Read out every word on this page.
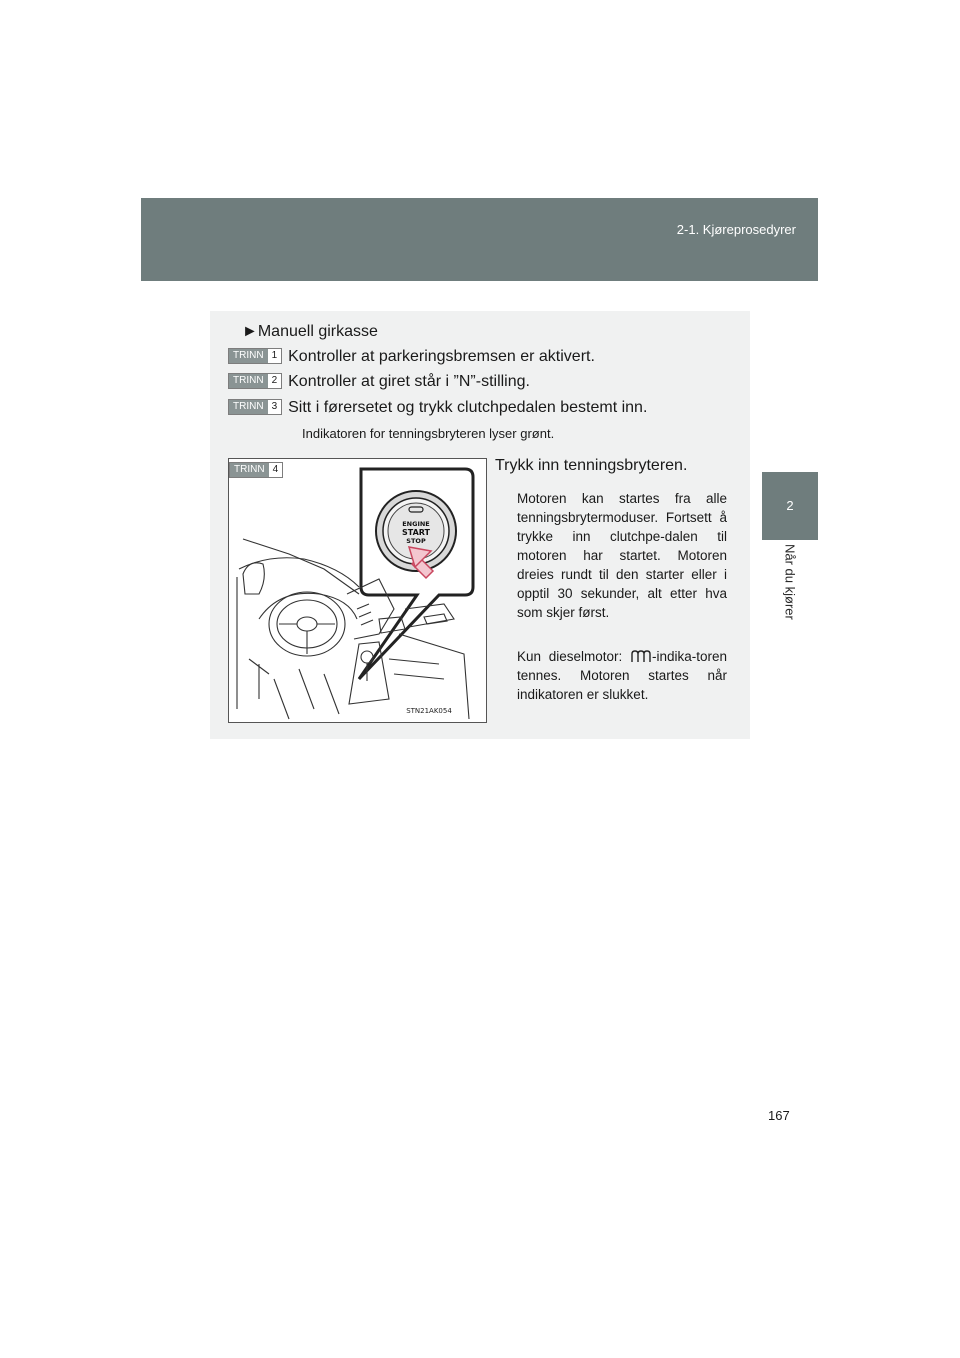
2-1. Kjøreprosedyrer
2
Når du kjører
►Manuell girkasse
TRINN 1 Kontroller at parkeringsbremsen er aktivert.
TRINN 2 Kontroller at giret står i ”N”-stilling.
TRINN 3 Sitt i førersetet og trykk clutchpedalen bestemt inn.
Indikatoren for tenningsbryteren lyser grønt.
TRINN 4
ENGINE
START
STOP
STN21AK054
Trykk inn tenningsbryteren.
Motoren kan startes fra alle tenningsbrytermoduser. Fortsett å trykke inn clutchpe-dalen til motoren har startet. Motoren dreies rundt til den starter eller i opptil 30 sekunder, alt etter hva som skjer først.
Kun dieselmotor: -indika-toren tennes. Motoren startes når indikatoren er slukket.
167
